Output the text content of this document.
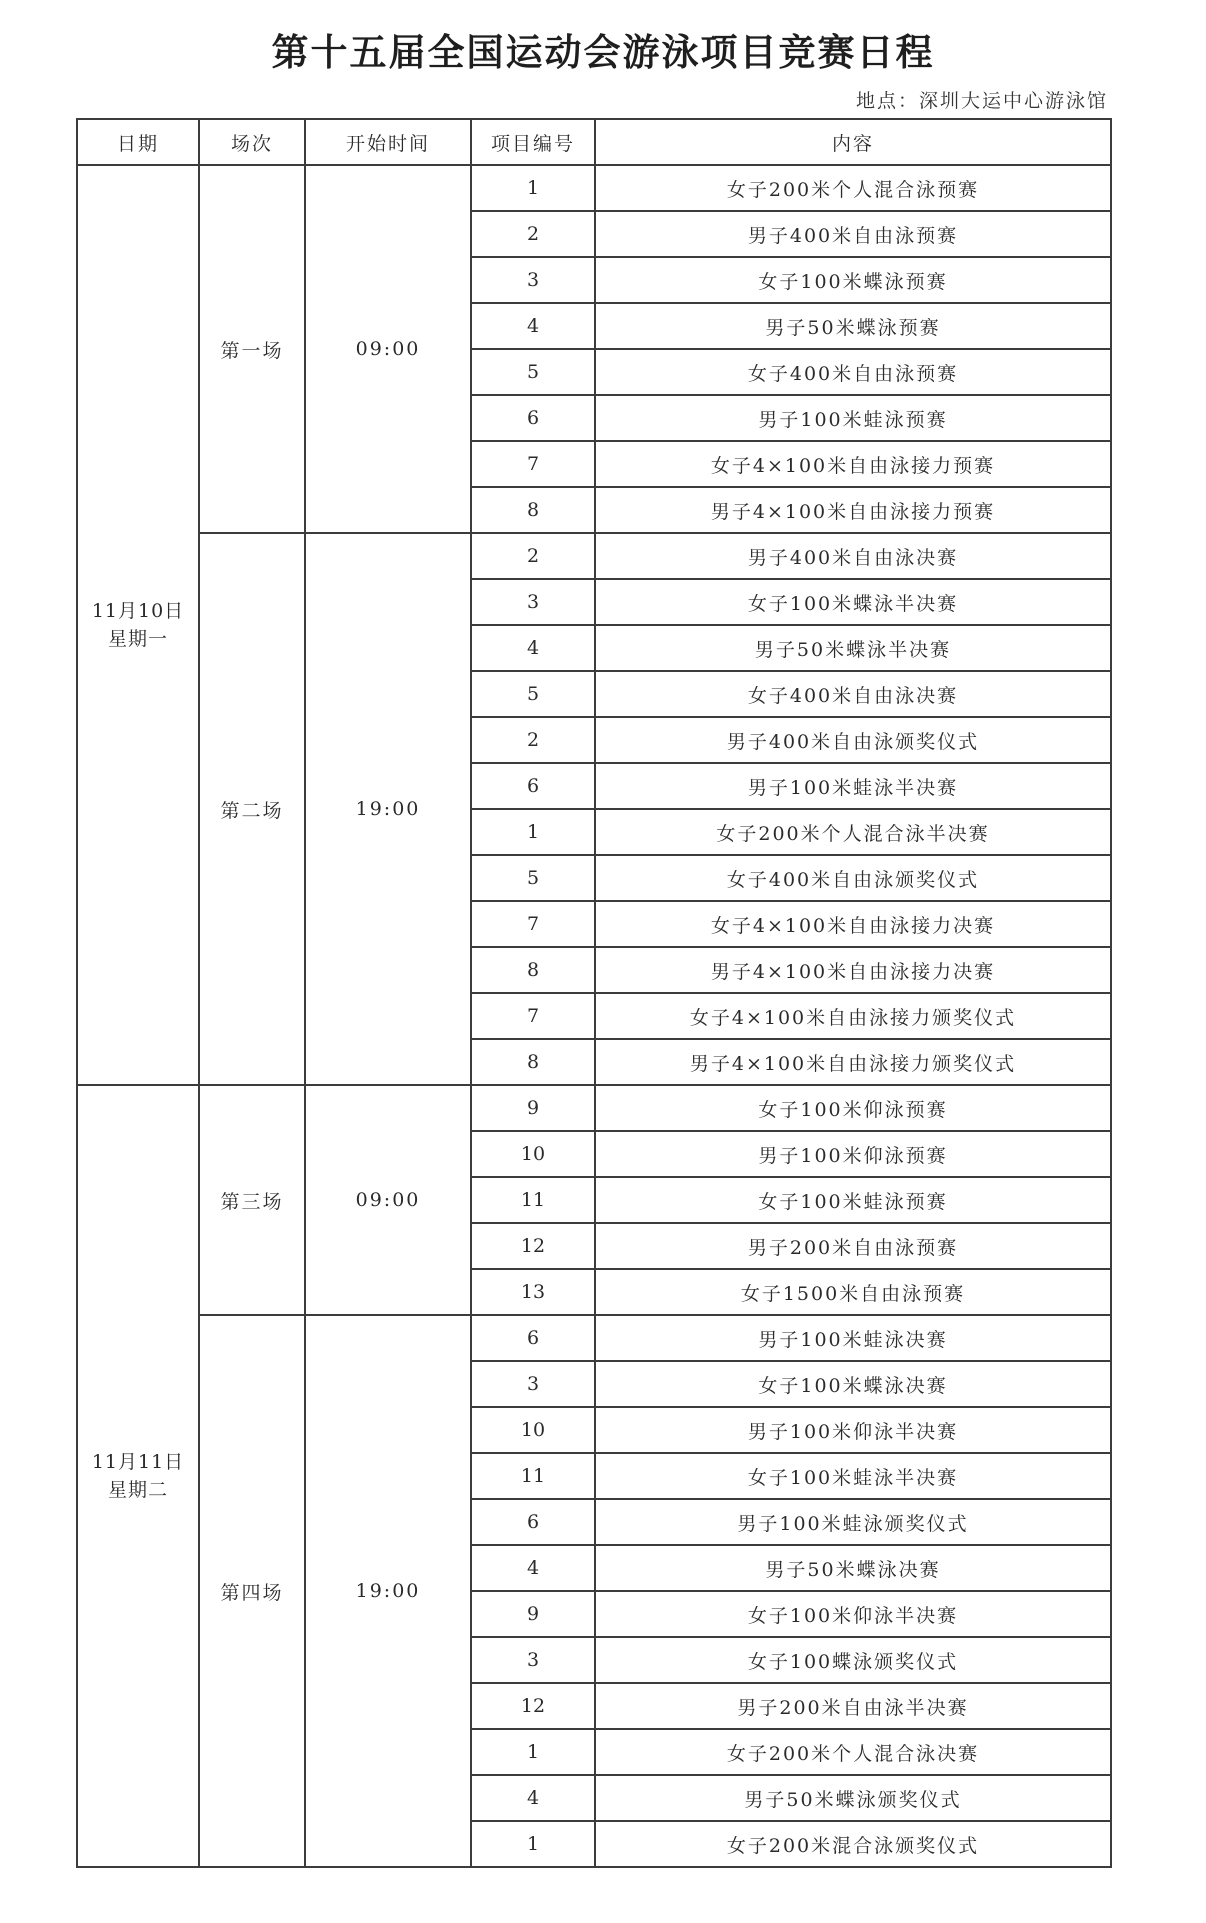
第十五届全国运动会游泳项目竞赛日程
地点：深圳大运中心游泳馆
日期	场次	开始时间	项目编号	内容

11月10日
星期一	第一场	09:00	1	女子200米个人混合泳预赛
			2	男子400米自由泳预赛
			3	女子100米蝶泳预赛
			4	男子50米蝶泳预赛
			5	女子400米自由泳预赛
			6	男子100米蛙泳预赛
			7	女子4×100米自由泳接力预赛
			8	男子4×100米自由泳接力预赛
	第二场	19:00	2	男子400米自由泳决赛
			3	女子100米蝶泳半决赛
			4	男子50米蝶泳半决赛
			5	女子400米自由泳决赛
			2	男子400米自由泳颁奖仪式
			6	男子100米蛙泳半决赛
			1	女子200米个人混合泳半决赛
			5	女子400米自由泳颁奖仪式
			7	女子4×100米自由泳接力决赛
			8	男子4×100米自由泳接力决赛
			7	女子4×100米自由泳接力颁奖仪式
			8	男子4×100米自由泳接力颁奖仪式

11月11日
星期二	第三场	09:00	9	女子100米仰泳预赛
			10	男子100米仰泳预赛
			11	女子100米蛙泳预赛
			12	男子200米自由泳预赛
			13	女子1500米自由泳预赛
	第四场	19:00	6	男子100米蛙泳决赛
			3	女子100米蝶泳决赛
			10	男子100米仰泳半决赛
			11	女子100米蛙泳半决赛
			6	男子100米蛙泳颁奖仪式
			4	男子50米蝶泳决赛
			9	女子100米仰泳半决赛
			3	女子100蝶泳颁奖仪式
			12	男子200米自由泳半决赛
			1	女子200米个人混合泳决赛
			4	男子50米蝶泳颁奖仪式
			1	女子200米混合泳颁奖仪式
